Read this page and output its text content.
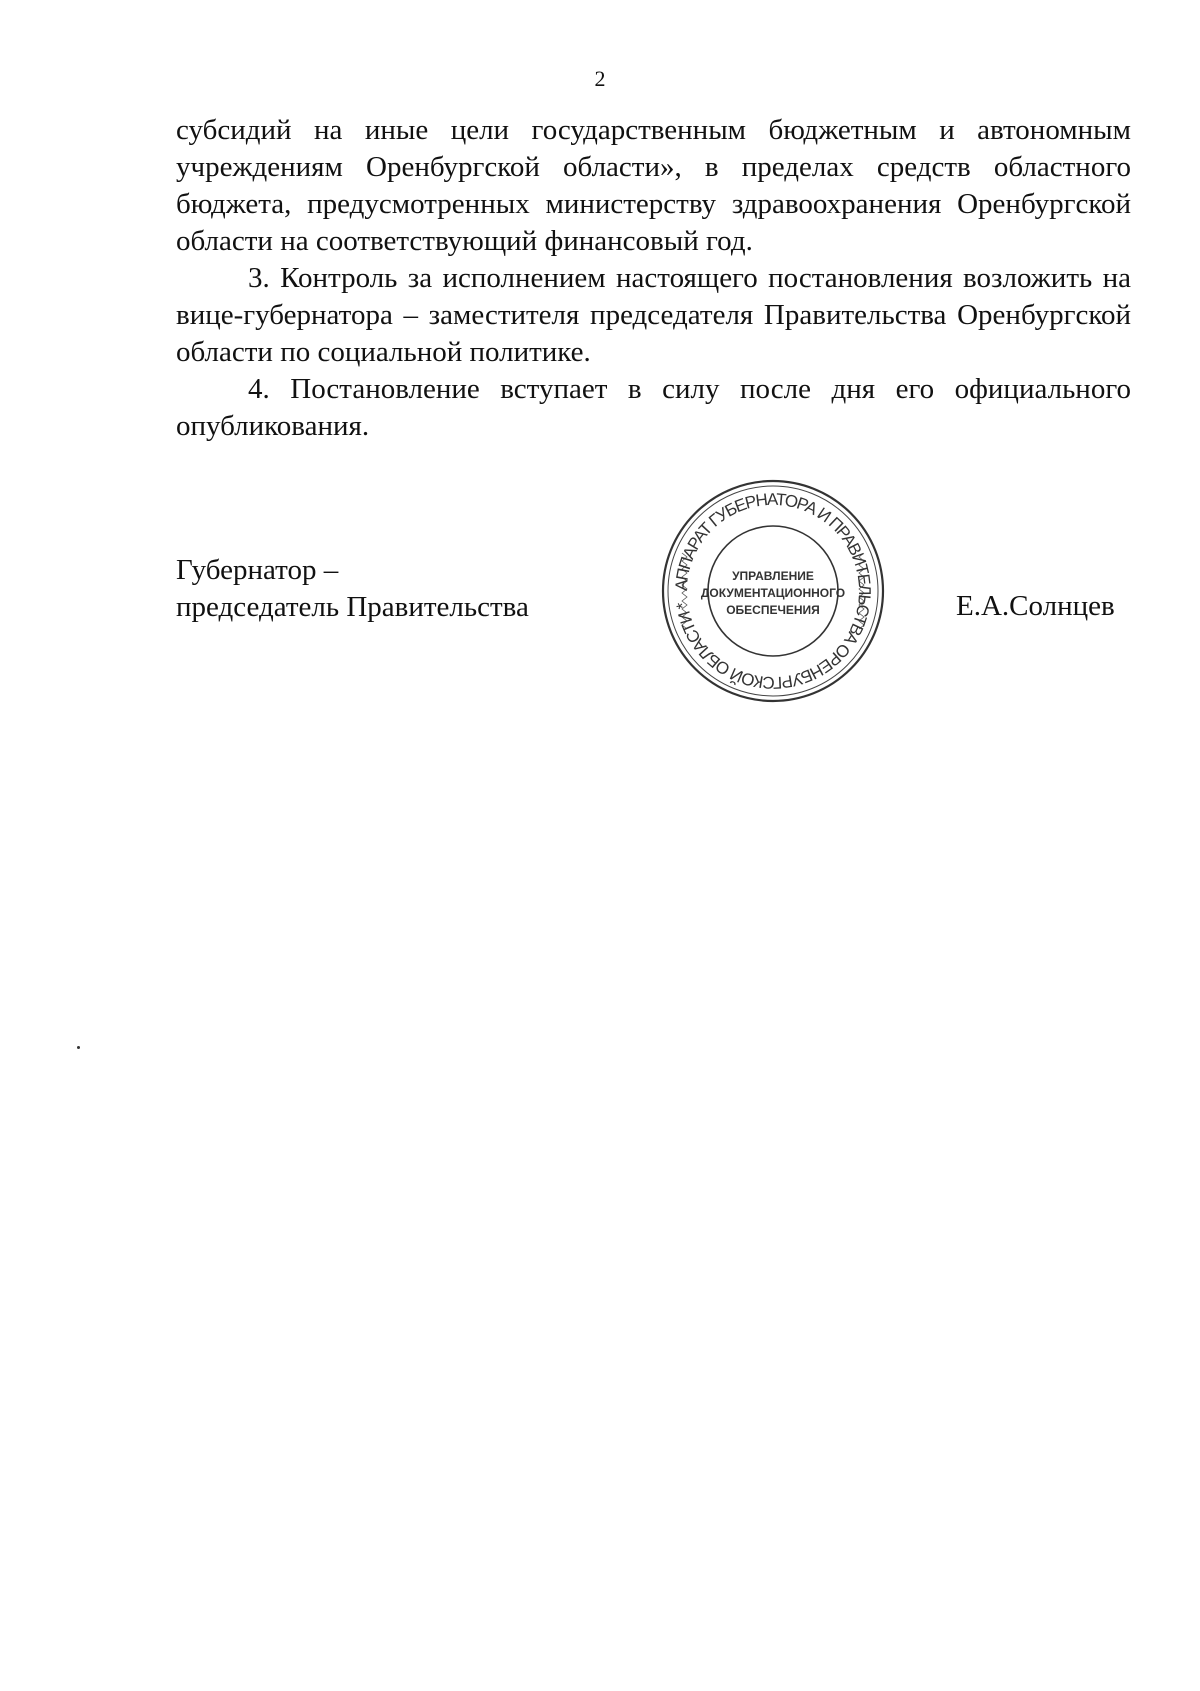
2

субсидий на иные цели государственным бюджетным и автономным учреждениям Оренбургской области», в пределах средств областного бюджета, предусмотренных министерству здравоохранения Оренбургской области на соответствующий финансовый год.

3. Контроль за исполнением настоящего постановления возложить на вице-губернатора – заместителя председателя Правительства Оренбургской области по социальной политике.

4. Постановление вступает в силу после дня его официального опубликования.

Губернатор –
председатель Правительства
АППАРАТ ГУБЕРНАТОРА И ПРАВИТЕЛЬСТВА ОРЕНБУРГСКОЙ ОБЛАСТИ *
УПРАВЛЕНИЕ
ДОКУМЕНТАЦИОННОГО
ОБЕСПЕЧЕНИЯ	Е.А.Солнцев
